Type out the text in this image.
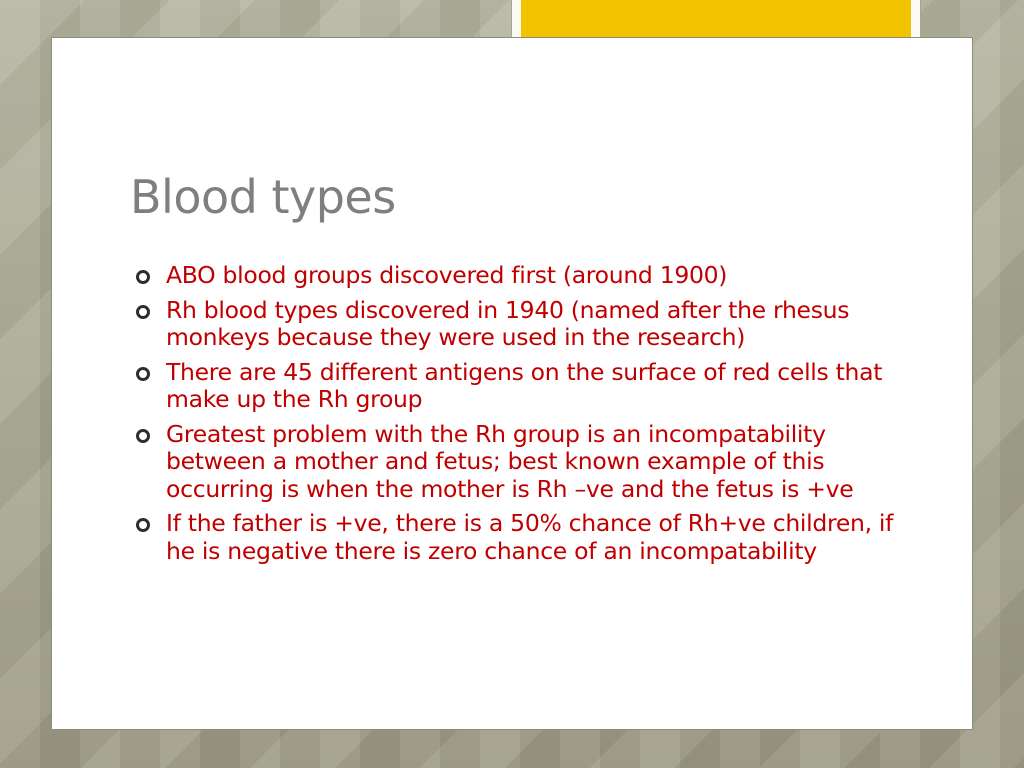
Blood types
ABO blood groups discovered first (around 1900)
Rh blood types discovered in 1940 (named after the rhesus monkeys because they were used in the research)
There are 45 different antigens on the surface of red cells that make up the Rh group
Greatest problem with the Rh group is an incompatability between a mother and fetus; best known example of this occurring is when the mother is Rh –ve and the fetus is +ve
If the father is +ve, there is a 50% chance of Rh+ve children, if he is negative there is zero chance of an incompatability
